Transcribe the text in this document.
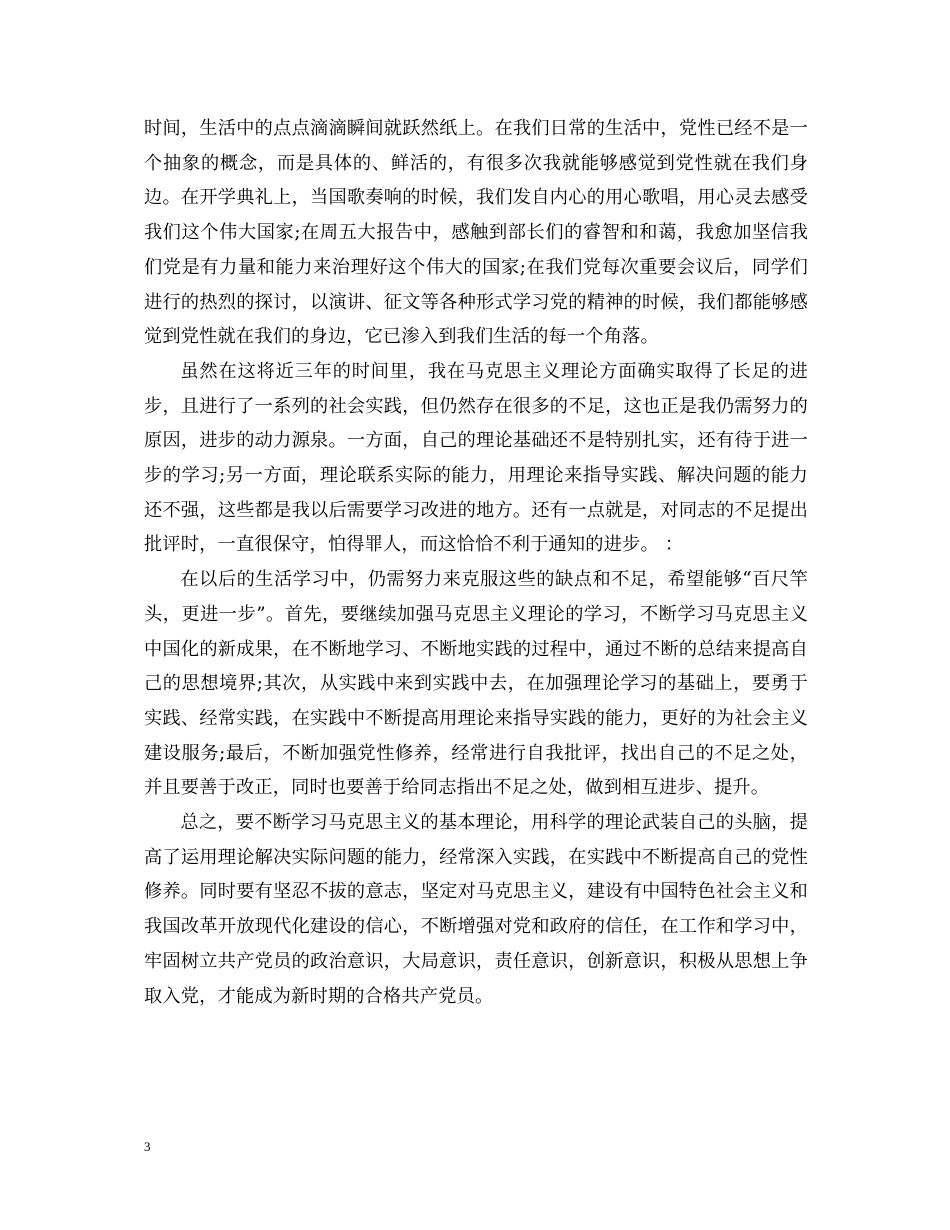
时间，生活中的点点滴滴瞬间就跃然纸上。在我们日常的生活中，党性已经不是一个抽象的概念，而是具体的、鲜活的，有很多次我就能够感觉到党性就在我们身边。在开学典礼上，当国歌奏响的时候，我们发自内心的用心歌唱，用心灵去感受我们这个伟大国家;在周五大报告中，感触到部长们的睿智和和蔼，我愈加坚信我们党是有力量和能力来治理好这个伟大的国家;在我们党每次重要会议后，同学们进行的热烈的探讨，以演讲、征文等各种形式学习党的精神的时候，我们都能够感觉到党性就在我们的身边，它已渗入到我们生活的每一个角落。

虽然在这将近三年的时间里，我在马克思主义理论方面确实取得了长足的进步，且进行了一系列的社会实践，但仍然存在很多的不足，这也正是我仍需努力的原因，进步的动力源泉。一方面，自己的理论基础还不是特别扎实，还有待于进一步的学习;另一方面，理论联系实际的能力，用理论来指导实践、解决问题的能力还不强，这些都是我以后需要学习改进的地方。还有一点就是，对同志的不足提出批评时，一直很保守，怕得罪人，而这恰恰不利于通知的进步。 ：

在以后的生活学习中，仍需努力来克服这些的缺点和不足，希望能够“百尺竿头，更进一步”。首先，要继续加强马克思主义理论的学习，不断学习马克思主义中国化的新成果，在不断地学习、不断地实践的过程中，通过不断的总结来提高自己的思想境界;其次，从实践中来到实践中去，在加强理论学习的基础上，要勇于实践、经常实践，在实践中不断提高用理论来指导实践的能力，更好的为社会主义建设服务;最后，不断加强党性修养，经常进行自我批评，找出自己的不足之处，并且要善于改正，同时也要善于给同志指出不足之处，做到相互进步、提升。

总之，要不断学习马克思主义的基本理论，用科学的理论武装自己的头脑，提高了运用理论解决实际问题的能力，经常深入实践，在实践中不断提高自己的党性修养。同时要有坚忍不拔的意志，坚定对马克思主义，建设有中国特色社会主义和我国改革开放现代化建设的信心，不断增强对党和政府的信任，在工作和学习中，牢固树立共产党员的政治意识，大局意识，责任意识，创新意识，积极从思想上争取入党，才能成为新时期的合格共产党员。

3
